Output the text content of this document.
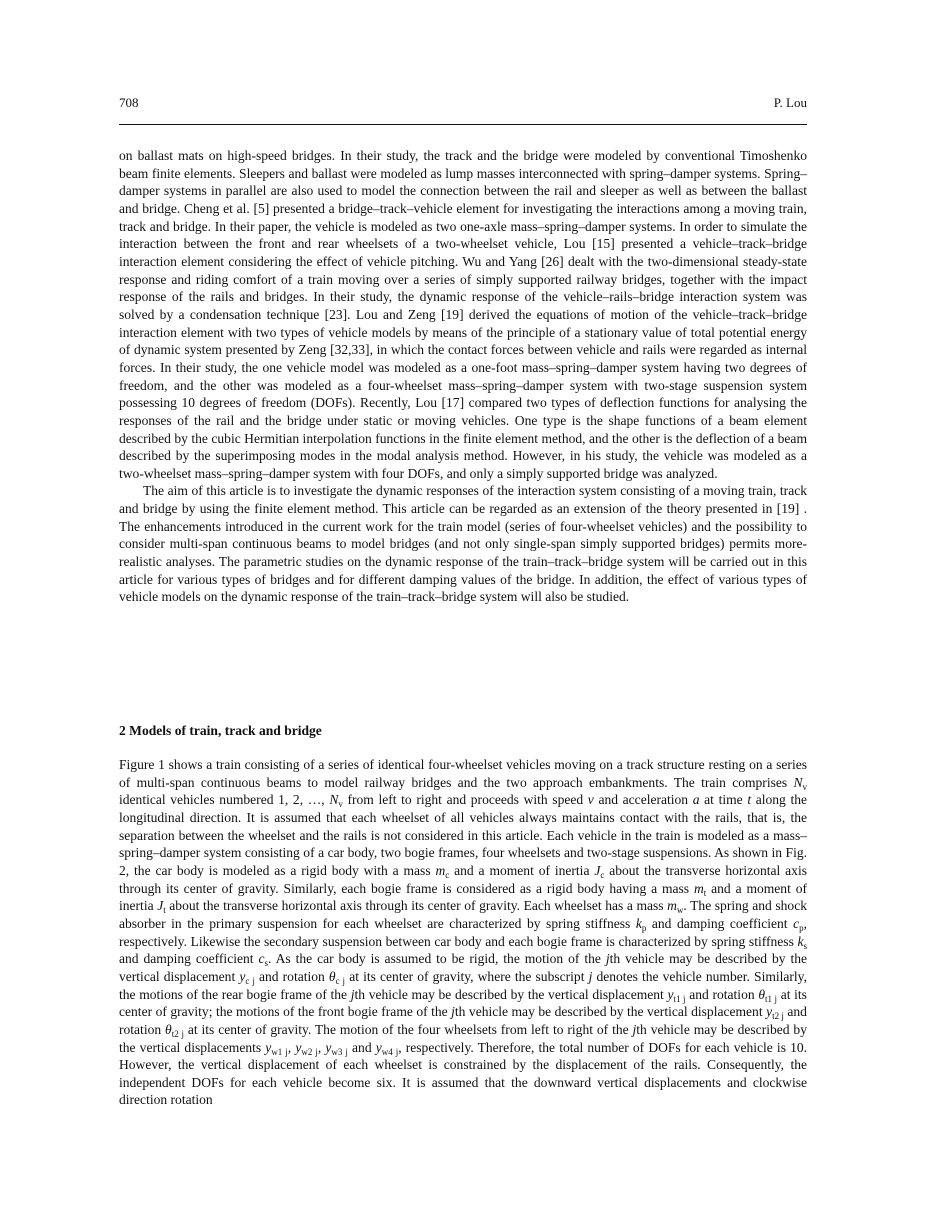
708	P. Lou

on ballast mats on high-speed bridges. In their study, the track and the bridge were modeled by conventional Timoshenko beam finite elements. Sleepers and ballast were modeled as lump masses interconnected with spring–damper systems. Spring–damper systems in parallel are also used to model the connection between the rail and sleeper as well as between the ballast and bridge. Cheng et al. [5] presented a bridge–track–vehicle element for investigating the interactions among a moving train, track and bridge. In their paper, the vehicle is modeled as two one-axle mass–spring–damper systems. In order to simulate the interaction between the front and rear wheelsets of a two-wheelset vehicle, Lou [15] presented a vehicle–track–bridge interaction element considering the effect of vehicle pitching. Wu and Yang [26] dealt with the two-dimensional steady-state response and riding comfort of a train moving over a series of simply supported railway bridges, together with the impact response of the rails and bridges. In their study, the dynamic response of the vehicle–rails–bridge interaction system was solved by a condensation technique [23]. Lou and Zeng [19] derived the equations of motion of the vehicle–track–bridge interaction element with two types of vehicle models by means of the principle of a stationary value of total potential energy of dynamic system presented by Zeng [32,33], in which the contact forces between vehicle and rails were regarded as internal forces. In their study, the one vehicle model was modeled as a one-foot mass–spring–damper system having two degrees of freedom, and the other was modeled as a four-wheelset mass–spring–damper system with two-stage suspension system possessing 10 degrees of freedom (DOFs). Recently, Lou [17] compared two types of deflection functions for analysing the responses of the rail and the bridge under static or moving vehicles. One type is the shape functions of a beam element described by the cubic Hermitian interpolation functions in the finite element method, and the other is the deflection of a beam described by the superimposing modes in the modal analysis method. However, in his study, the vehicle was modeled as a two-wheelset mass–spring–damper system with four DOFs, and only a simply supported bridge was analyzed.

The aim of this article is to investigate the dynamic responses of the interaction system consisting of a moving train, track and bridge by using the finite element method. This article can be regarded as an extension of the theory presented in [19] . The enhancements introduced in the current work for the train model (series of four-wheelset vehicles) and the possibility to consider multi-span continuous beams to model bridges (and not only single-span simply supported bridges) permits more-realistic analyses. The parametric studies on the dynamic response of the train–track–bridge system will be carried out in this article for various types of bridges and for different damping values of the bridge. In addition, the effect of various types of vehicle models on the dynamic response of the train–track–bridge system will also be studied.

2 Models of train, track and bridge

Figure 1 shows a train consisting of a series of identical four-wheelset vehicles moving on a track structure resting on a series of multi-span continuous beams to model railway bridges and the two approach embankments. The train comprises $N_v$ identical vehicles numbered 1, 2, …, $N_v$ from left to right and proceeds with speed v and acceleration a at time t along the longitudinal direction. It is assumed that each wheelset of all vehicles always maintains contact with the rails, that is, the separation between the wheelset and the rails is not considered in this article. Each vehicle in the train is modeled as a mass–spring–damper system consisting of a car body, two bogie frames, four wheelsets and two-stage suspensions. As shown in Fig. 2, the car body is modeled as a rigid body with a mass $m_c$ and a moment of inertia $J_c$ about the transverse horizontal axis through its center of gravity. Similarly, each bogie frame is considered as a rigid body having a mass $m_t$ and a moment of inertia $J_t$ about the transverse horizontal axis through its center of gravity. Each wheelset has a mass $m_w$. The spring and shock absorber in the primary suspension for each wheelset are characterized by spring stiffness $k_p$ and damping coefficient $c_p$, respectively. Likewise the secondary suspension between car body and each bogie frame is characterized by spring stiffness $k_s$ and damping coefficient $c_s$. As the car body is assumed to be rigid, the motion of the jth vehicle may be described by the vertical displacement $y_{c j}$ and rotation $\theta_{c j}$ at its center of gravity, where the subscript j denotes the vehicle number. Similarly, the motions of the rear bogie frame of the jth vehicle may be described by the vertical displacement $y_{t1 j}$ and rotation $\theta_{t1 j}$ at its center of gravity; the motions of the front bogie frame of the jth vehicle may be described by the vertical displacement $y_{t2 j}$ and rotation $\theta_{t2 j}$ at its center of gravity. The motion of the four wheelsets from left to right of the jth vehicle may be described by the vertical displacements $y_{w1 j}$, $y_{w2 j}$, $y_{w3 j}$ and $y_{w4 j}$, respectively. Therefore, the total number of DOFs for each vehicle is 10. However, the vertical displacement of each wheelset is constrained by the displacement of the rails. Consequently, the independent DOFs for each vehicle become six. It is assumed that the downward vertical displacements and clockwise direction rotation
